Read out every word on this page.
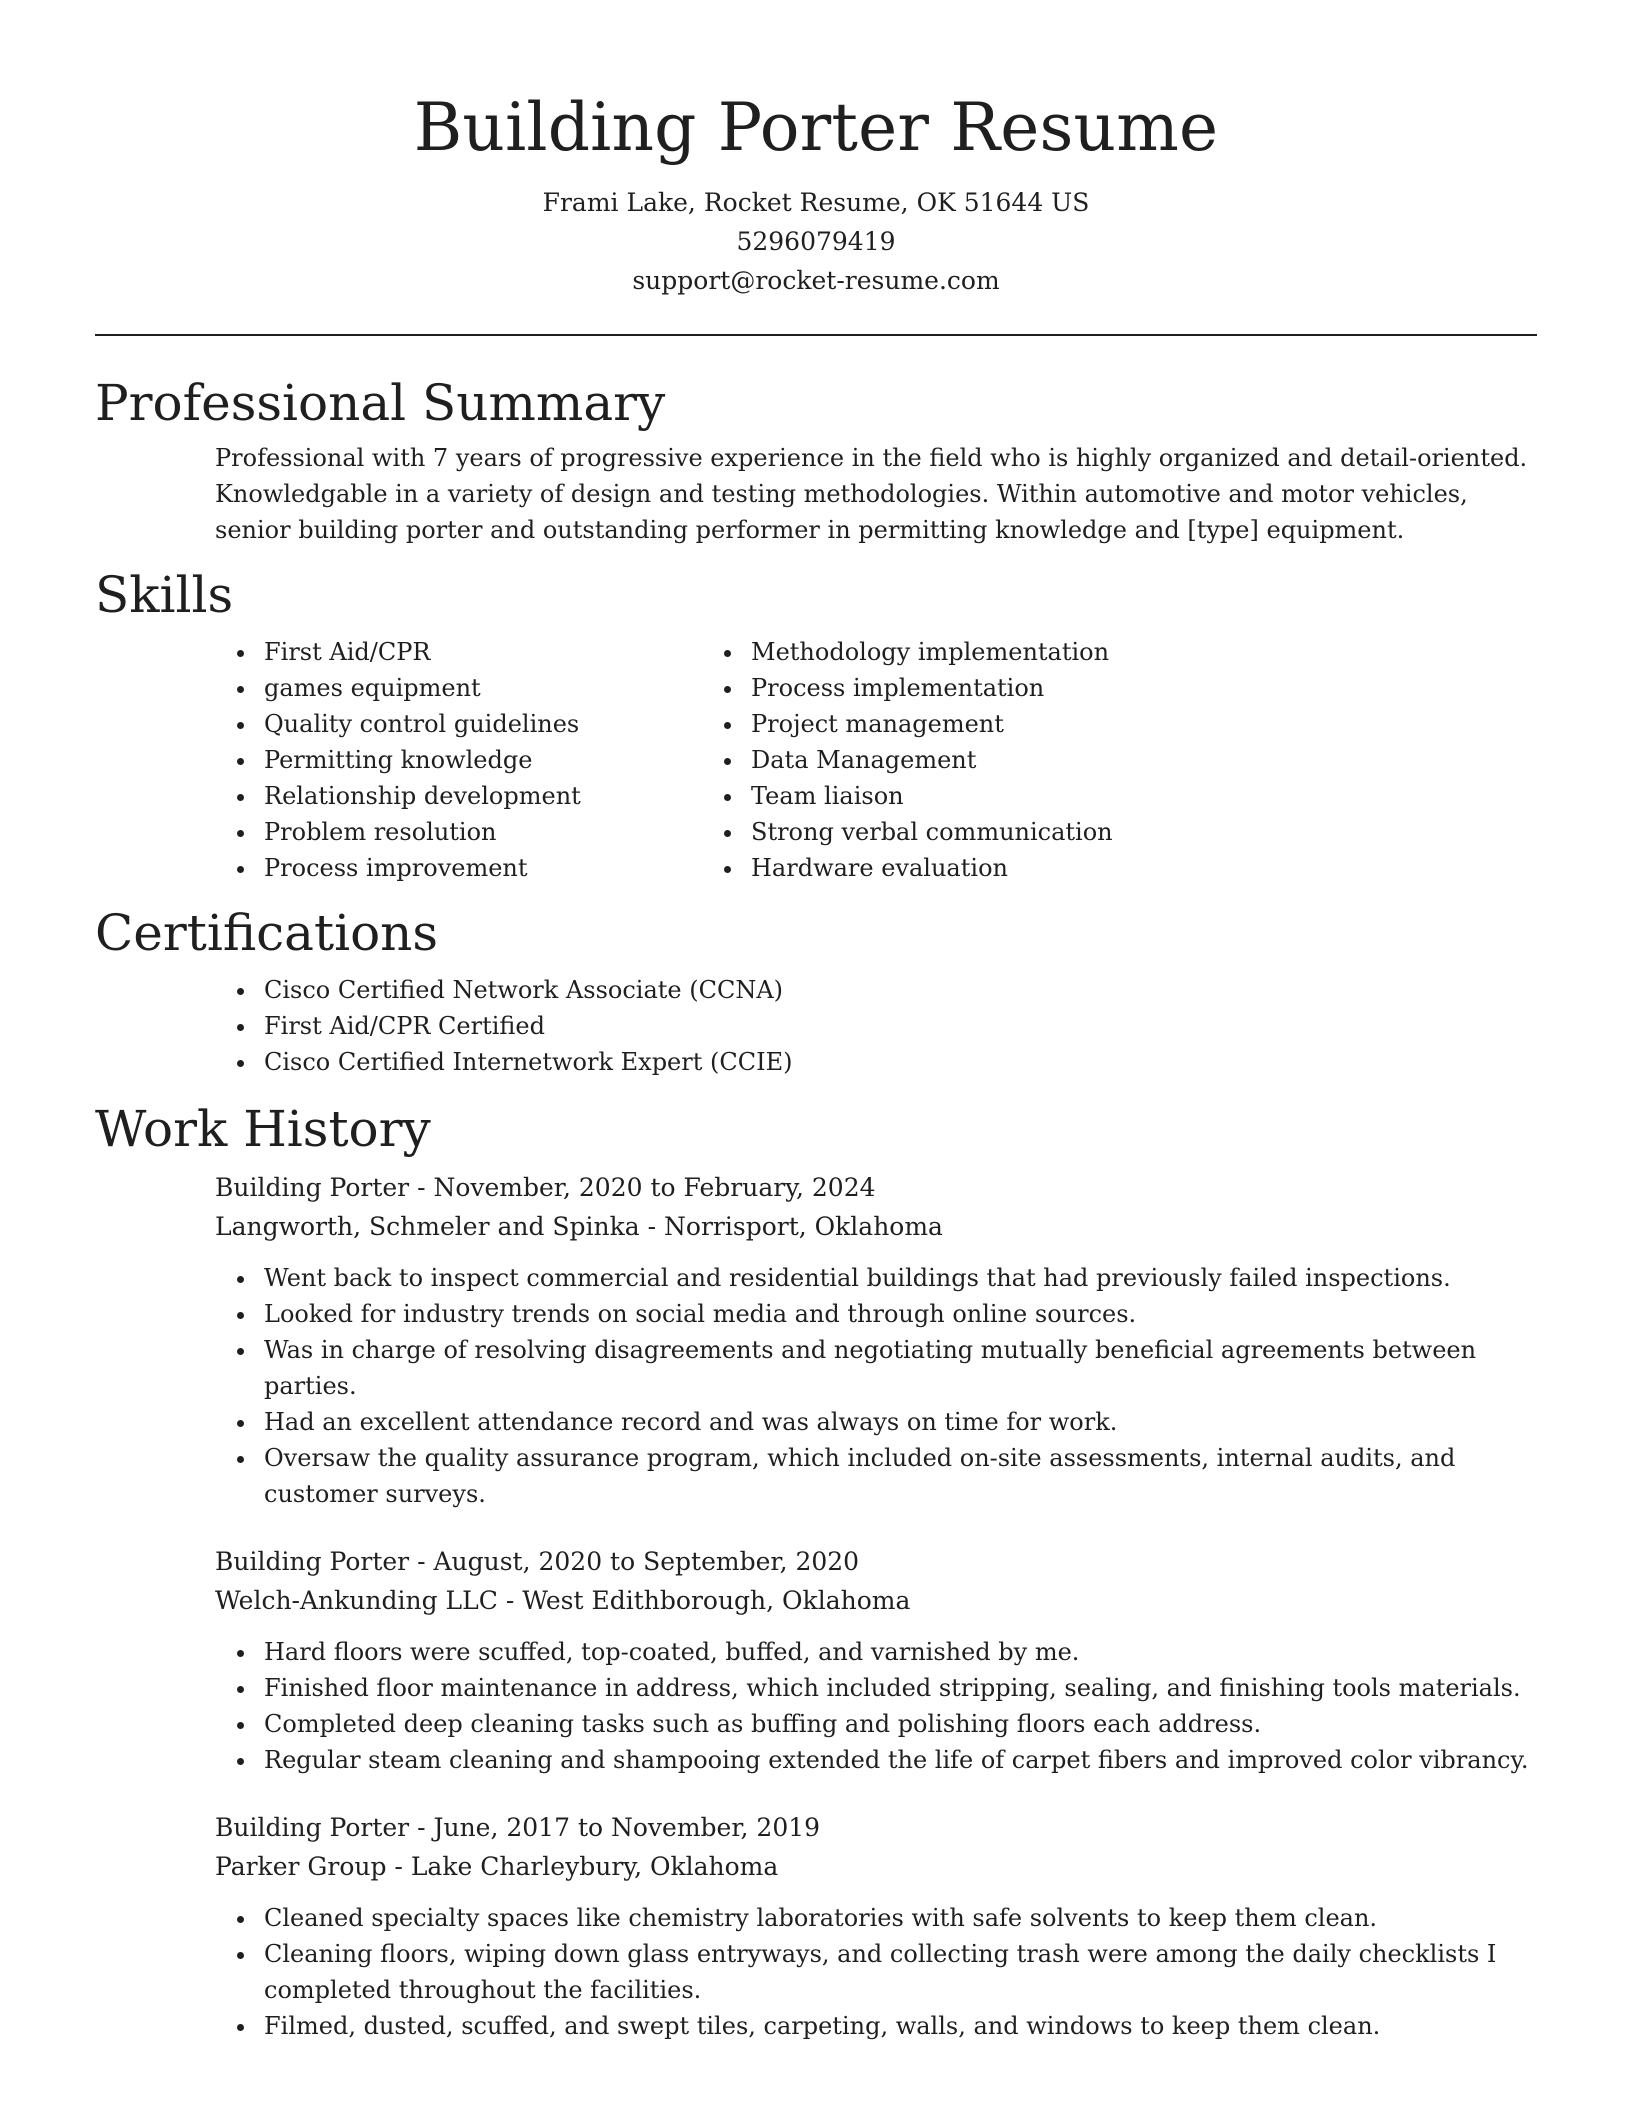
Building Porter Resume
Frami Lake, Rocket Resume, OK 51644 US
5296079419
support@rocket-resume.com
Professional Summary

Professional with 7 years of progressive experience in the field who is highly organized and detail-oriented. Knowledgable in a variety of design and testing methodologies. Within automotive and motor vehicles, senior building porter and outstanding performer in permitting knowledge and [type] equipment.

Skills
• First Aid/CPR
• games equipment
• Quality control guidelines
• Permitting knowledge
• Relationship development
• Problem resolution
• Process improvement
• Methodology implementation
• Process implementation
• Project management
• Data Management
• Team liaison
• Strong verbal communication
• Hardware evaluation
Certifications
• Cisco Certified Network Associate (CCNA)
• First Aid/CPR Certified
• Cisco Certified Internetwork Expert (CCIE)
Work History

Building Porter - November, 2020 to February, 2024

Langworth, Schmeler and Spinka - Norrisport, Oklahoma

• Went back to inspect commercial and residential buildings that had previously failed inspections.
• Looked for industry trends on social media and through online sources.
• Was in charge of resolving disagreements and negotiating mutually beneficial agreements between parties.
• Had an excellent attendance record and was always on time for work.
• Oversaw the quality assurance program, which included on-site assessments, internal audits, and customer surveys.

Building Porter - August, 2020 to September, 2020

Welch-Ankunding LLC - West Edithborough, Oklahoma

• Hard floors were scuffed, top-coated, buffed, and varnished by me.
• Finished floor maintenance in address, which included stripping, sealing, and finishing tools materials.
• Completed deep cleaning tasks such as buffing and polishing floors each address.
• Regular steam cleaning and shampooing extended the life of carpet fibers and improved color vibrancy.

Building Porter - June, 2017 to November, 2019

Parker Group - Lake Charleybury, Oklahoma

• Cleaned specialty spaces like chemistry laboratories with safe solvents to keep them clean.
• Cleaning floors, wiping down glass entryways, and collecting trash were among the daily checklists I completed throughout the facilities.
• Filmed, dusted, scuffed, and swept tiles, carpeting, walls, and windows to keep them clean.
